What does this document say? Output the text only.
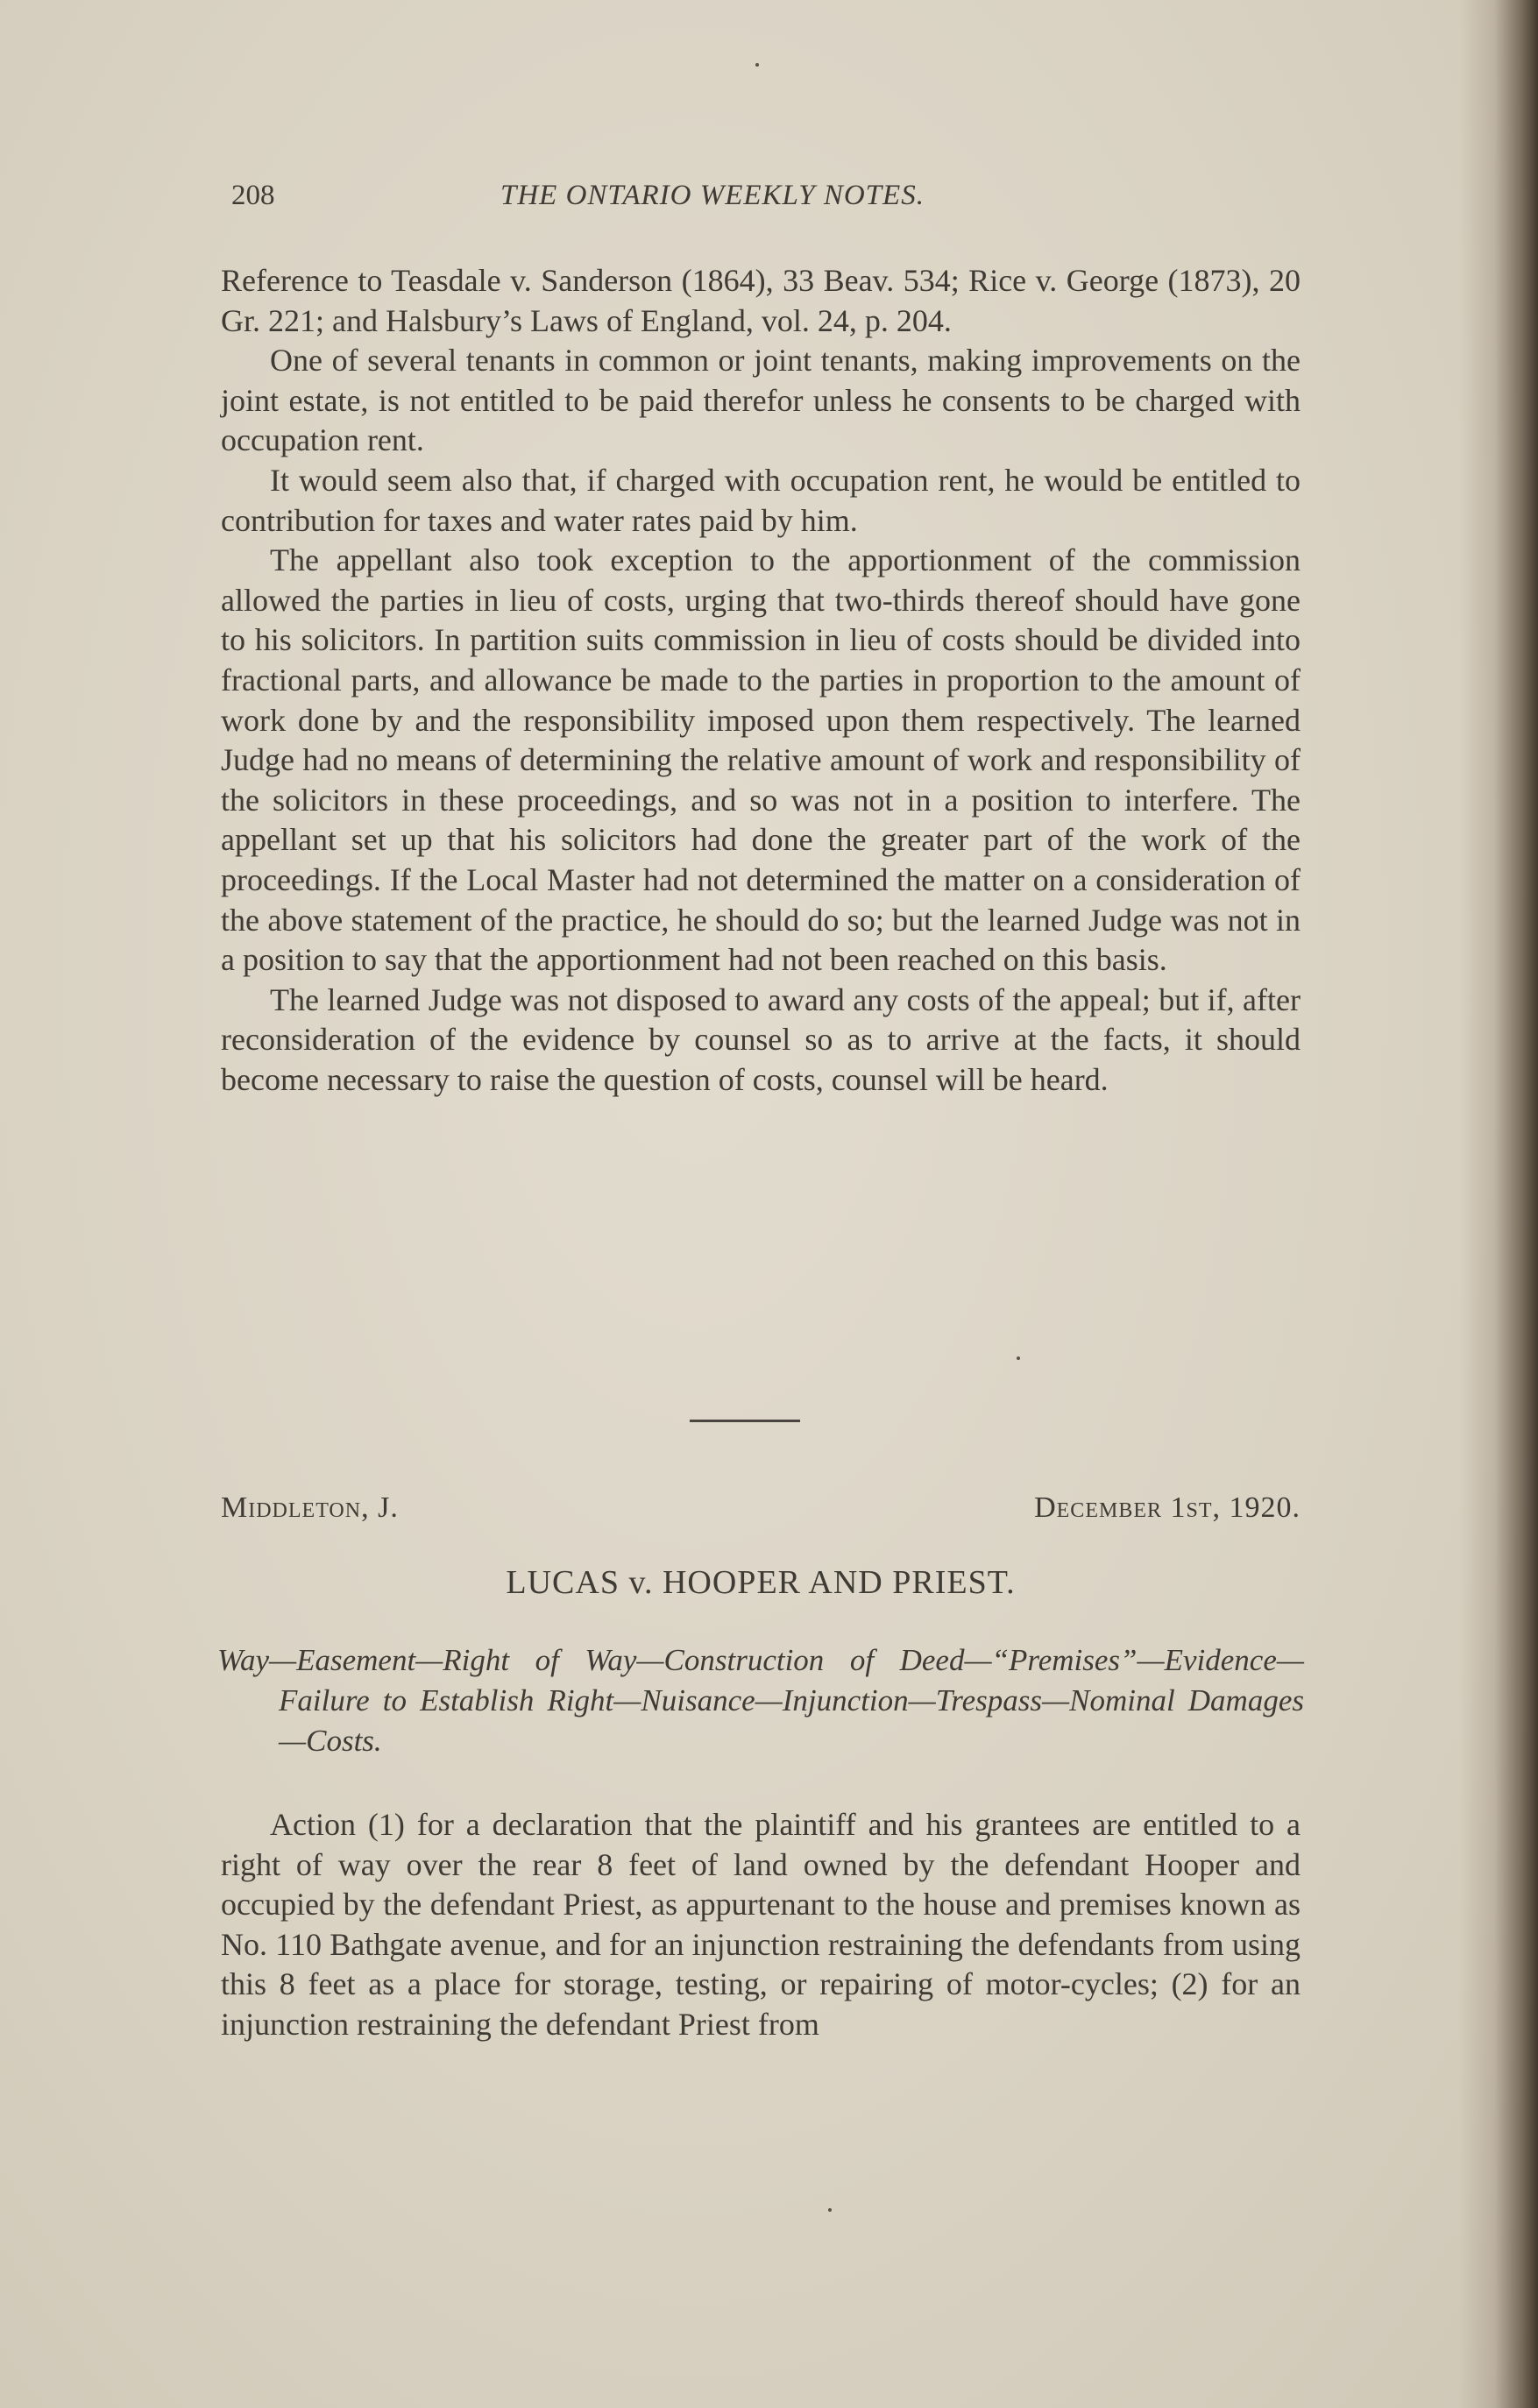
208	THE ONTARIO WEEKLY NOTES.

Reference to Teasdale v. Sanderson (1864), 33 Beav. 534; Rice v. George (1873), 20 Gr. 221; and Halsbury’s Laws of England, vol. 24, p. 204.

One of several tenants in common or joint tenants, making improvements on the joint estate, is not entitled to be paid therefor unless he consents to be charged with occupation rent.

It would seem also that, if charged with occupation rent, he would be entitled to contribution for taxes and water rates paid by him.

The appellant also took exception to the apportionment of the commission allowed the parties in lieu of costs, urging that two-thirds thereof should have gone to his solicitors. In partition suits commission in lieu of costs should be divided into fractional parts, and allowance be made to the parties in proportion to the amount of work done by and the responsibility imposed upon them respectively. The learned Judge had no means of determining the relative amount of work and responsibility of the solicitors in these proceedings, and so was not in a position to interfere. The appellant set up that his solicitors had done the greater part of the work of the proceedings. If the Local Master had not determined the matter on a consideration of the above statement of the practice, he should do so; but the learned Judge was not in a position to say that the apportionment had not been reached on this basis.

The learned Judge was not disposed to award any costs of the appeal; but if, after reconsideration of the evidence by counsel so as to arrive at the facts, it should become necessary to raise the question of costs, counsel will be heard.

Middleton, J.	December 1st, 1920.
LUCAS v. HOOPER AND PRIEST.

Way—Easement—Right of Way—Construction of Deed—“Premises”—Evidence—Failure to Establish Right—Nuisance—Injunction—Trespass—Nominal Damages—Costs.

Action (1) for a declaration that the plaintiff and his grantees are entitled to a right of way over the rear 8 feet of land owned by the defendant Hooper and occupied by the defendant Priest, as appurtenant to the house and premises known as No. 110 Bathgate avenue, and for an injunction restraining the defendants from using this 8 feet as a place for storage, testing, or repairing of motor-cycles; (2) for an injunction restraining the defendant Priest from
